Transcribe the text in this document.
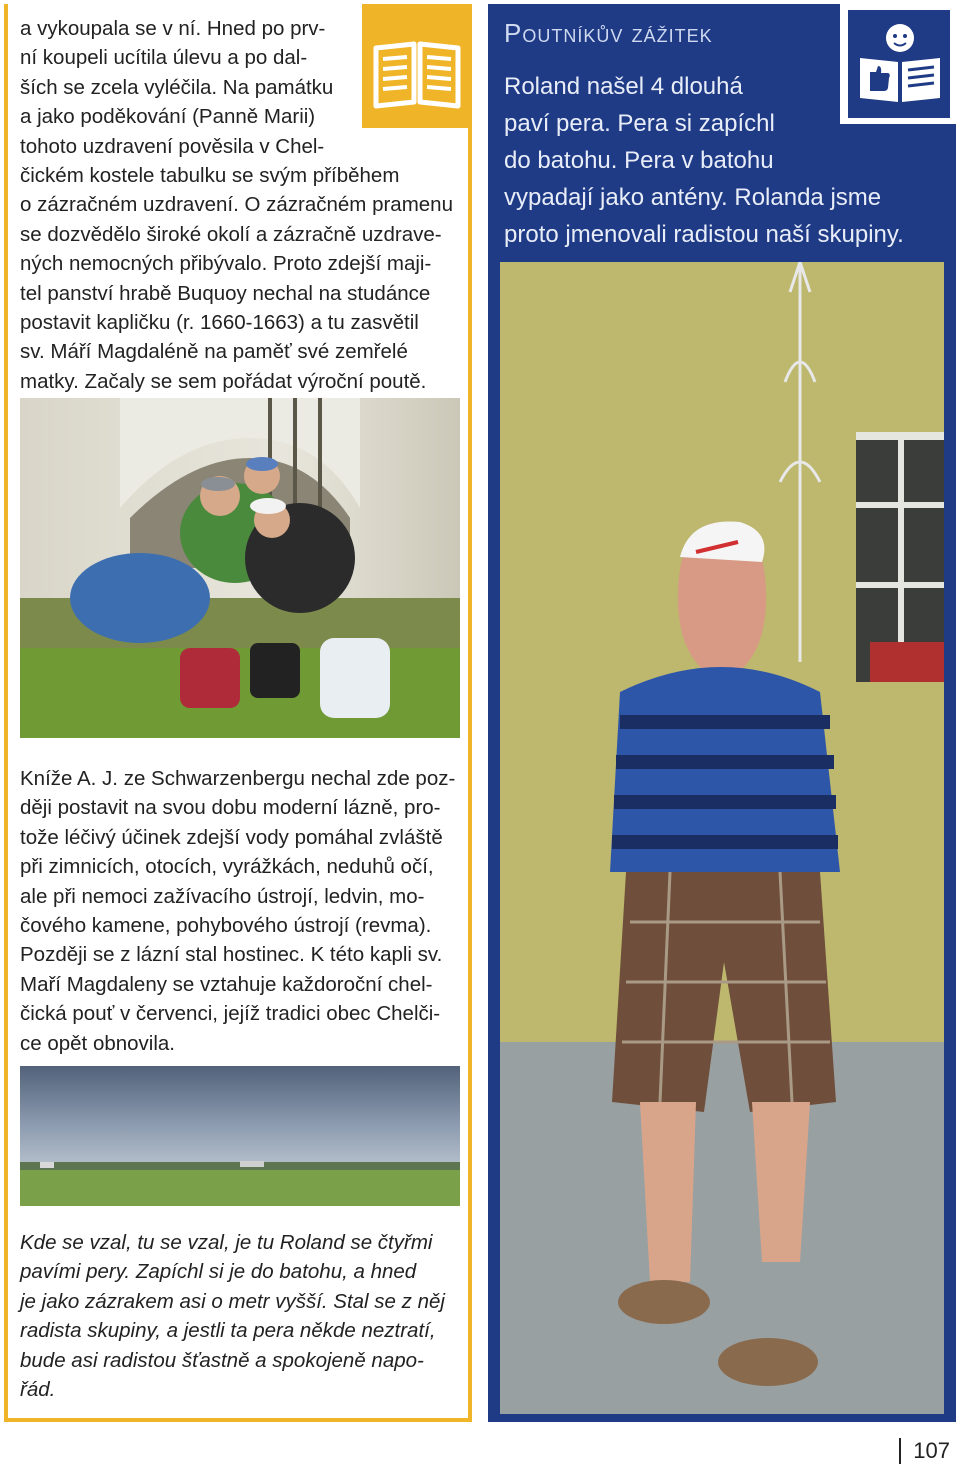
a vykoupala se v ní. Hned po prv-
ní koupeli ucítila úlevu a po dal-
ších se zcela vyléčila. Na památku
a jako poděkování (Panně Marii)
tohoto uzdravení pověsila v Chel-
čickém kostele tabulku se svým příběhem
o zázračném uzdravení. O zázračném pramenu
se dozvědělo široké okolí a zázračně uzdrave-
ných nemocných přibývalo. Proto zdejší maji-
tel panství hrabě Buquoy nechal na studánce
postavit kapličku (r. 1660-1663) a tu zasvětil
sv. Máří Magdaléně na paměť své zemřelé
matky. Začaly se sem pořádat výroční poutě.
Kníže A. J. ze Schwarzenbergu nechal zde poz-
ději postavit na svou dobu moderní lázně, pro-
tože léčivý účinek zdejší vody pomáhal zvláště
při zimnicích, otocích, vyrážkách, neduhů očí,
ale při nemoci zažívacího ústrojí, ledvin, mo-
čového kamene, pohybového ústrojí (revma).
Později se z lázní stal hostinec. K této kapli sv.
Maří Magdaleny se vztahuje každoroční chel-
čická pouť v červenci, jejíž tradici obec Chelči-
ce opět obnovila.
Kde se vzal, tu se vzal, je tu Roland se čtyřmi
pavími pery. Zapíchl si je do batohu, a hned
je jako zázrakem asi o metr vyšší. Stal se z něj
radista skupiny, a jestli ta pera někde neztratí,
bude asi radistou šťastně a spokojeně napo-
řád.
Poutníkův zážitek
Roland našel 4 dlouhá
paví pera. Pera si zapíchl
do batohu. Pera v batohu
vypadají jako antény. Rolanda jsme
proto jmenovali radistou naší skupiny.
107
